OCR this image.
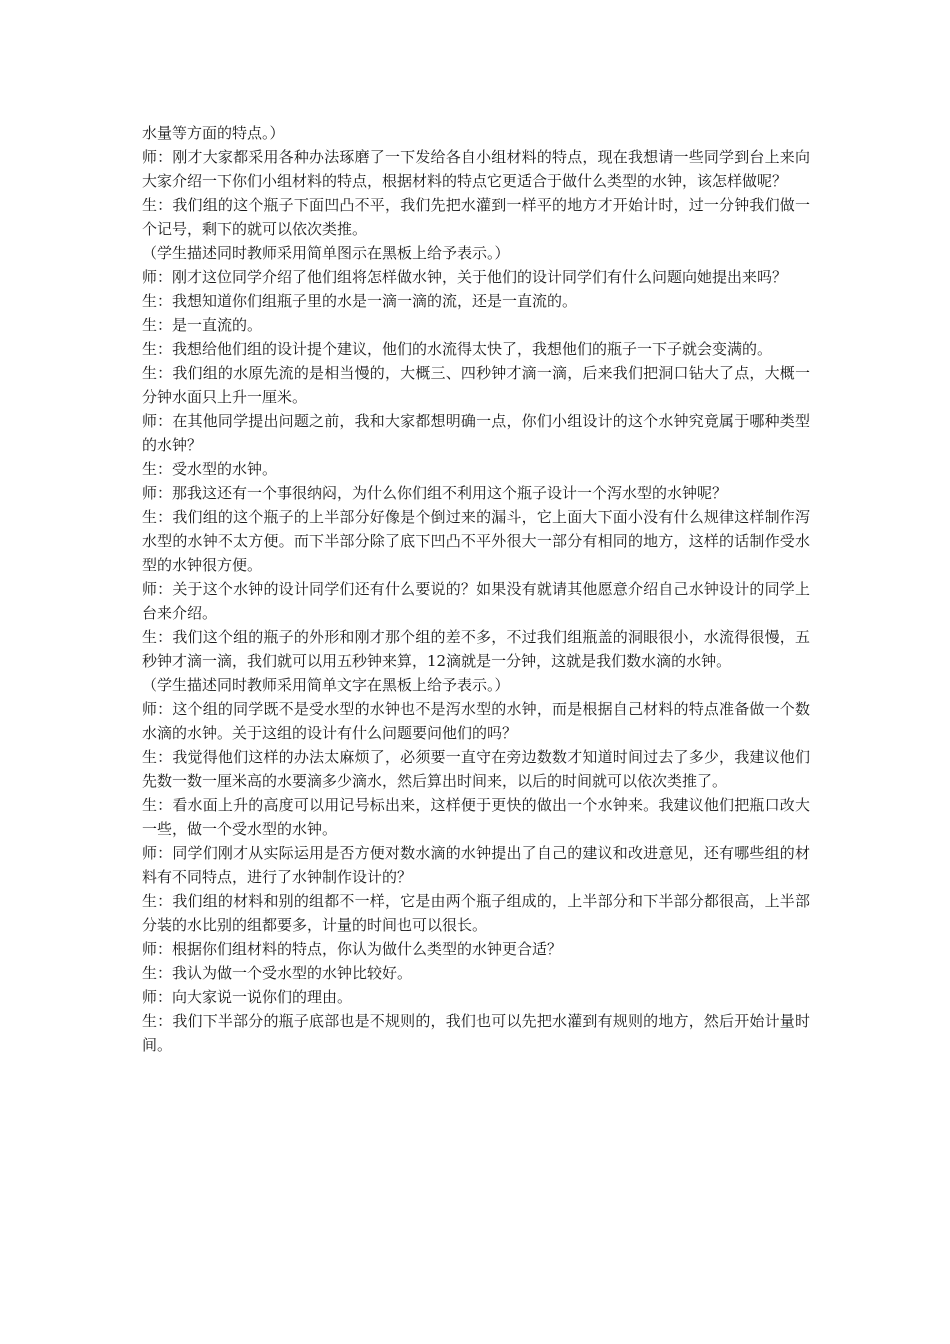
水量等方面的特点。）

师：刚才大家都采用各种办法琢磨了一下发给各自小组材料的特点，现在我想请一些同学到台上来向大家介绍一下你们小组材料的特点，根据材料的特点它更适合于做什么类型的水钟，该怎样做呢？

生：我们组的这个瓶子下面凹凸不平，我们先把水灌到一样平的地方才开始计时，过一分钟我们做一个记号，剩下的就可以依次类推。

（学生描述同时教师采用简单图示在黑板上给予表示。）

师：刚才这位同学介绍了他们组将怎样做水钟，关于他们的设计同学们有什么问题向她提出来吗？

生：我想知道你们组瓶子里的水是一滴一滴的流，还是一直流的。

生：是一直流的。

生：我想给他们组的设计提个建议，他们的水流得太快了，我想他们的瓶子一下子就会变满的。

生：我们组的水原先流的是相当慢的，大概三、四秒钟才滴一滴，后来我们把洞口钻大了点，大概一分钟水面只上升一厘米。

师：在其他同学提出问题之前，我和大家都想明确一点，你们小组设计的这个水钟究竟属于哪种类型的水钟？

生：受水型的水钟。

师：那我这还有一个事很纳闷，为什么你们组不利用这个瓶子设计一个泻水型的水钟呢？

生：我们组的这个瓶子的上半部分好像是个倒过来的漏斗，它上面大下面小没有什么规律这样制作泻水型的水钟不太方便。而下半部分除了底下凹凸不平外很大一部分有相同的地方，这样的话制作受水型的水钟很方便。

师：关于这个水钟的设计同学们还有什么要说的？如果没有就请其他愿意介绍自己水钟设计的同学上台来介绍。

生：我们这个组的瓶子的外形和刚才那个组的差不多，不过我们组瓶盖的洞眼很小，水流得很慢，五秒钟才滴一滴，我们就可以用五秒钟来算，12滴就是一分钟，这就是我们数水滴的水钟。

（学生描述同时教师采用简单文字在黑板上给予表示。）

师：这个组的同学既不是受水型的水钟也不是泻水型的水钟，而是根据自己材料的特点准备做一个数水滴的水钟。关于这组的设计有什么问题要问他们的吗？

生：我觉得他们这样的办法太麻烦了，必须要一直守在旁边数数才知道时间过去了多少，我建议他们先数一数一厘米高的水要滴多少滴水，然后算出时间来，以后的时间就可以依次类推了。

生：看水面上升的高度可以用记号标出来，这样便于更快的做出一个水钟来。我建议他们把瓶口改大一些，做一个受水型的水钟。

师：同学们刚才从实际运用是否方便对数水滴的水钟提出了自己的建议和改进意见，还有哪些组的材料有不同特点，进行了水钟制作设计的？

生：我们组的材料和别的组都不一样，它是由两个瓶子组成的，上半部分和下半部分都很高，上半部分装的水比别的组都要多，计量的时间也可以很长。

师：根据你们组材料的特点，你认为做什么类型的水钟更合适？

生：我认为做一个受水型的水钟比较好。

师：向大家说一说你们的理由。

生：我们下半部分的瓶子底部也是不规则的，我们也可以先把水灌到有规则的地方，然后开始计量时间。
